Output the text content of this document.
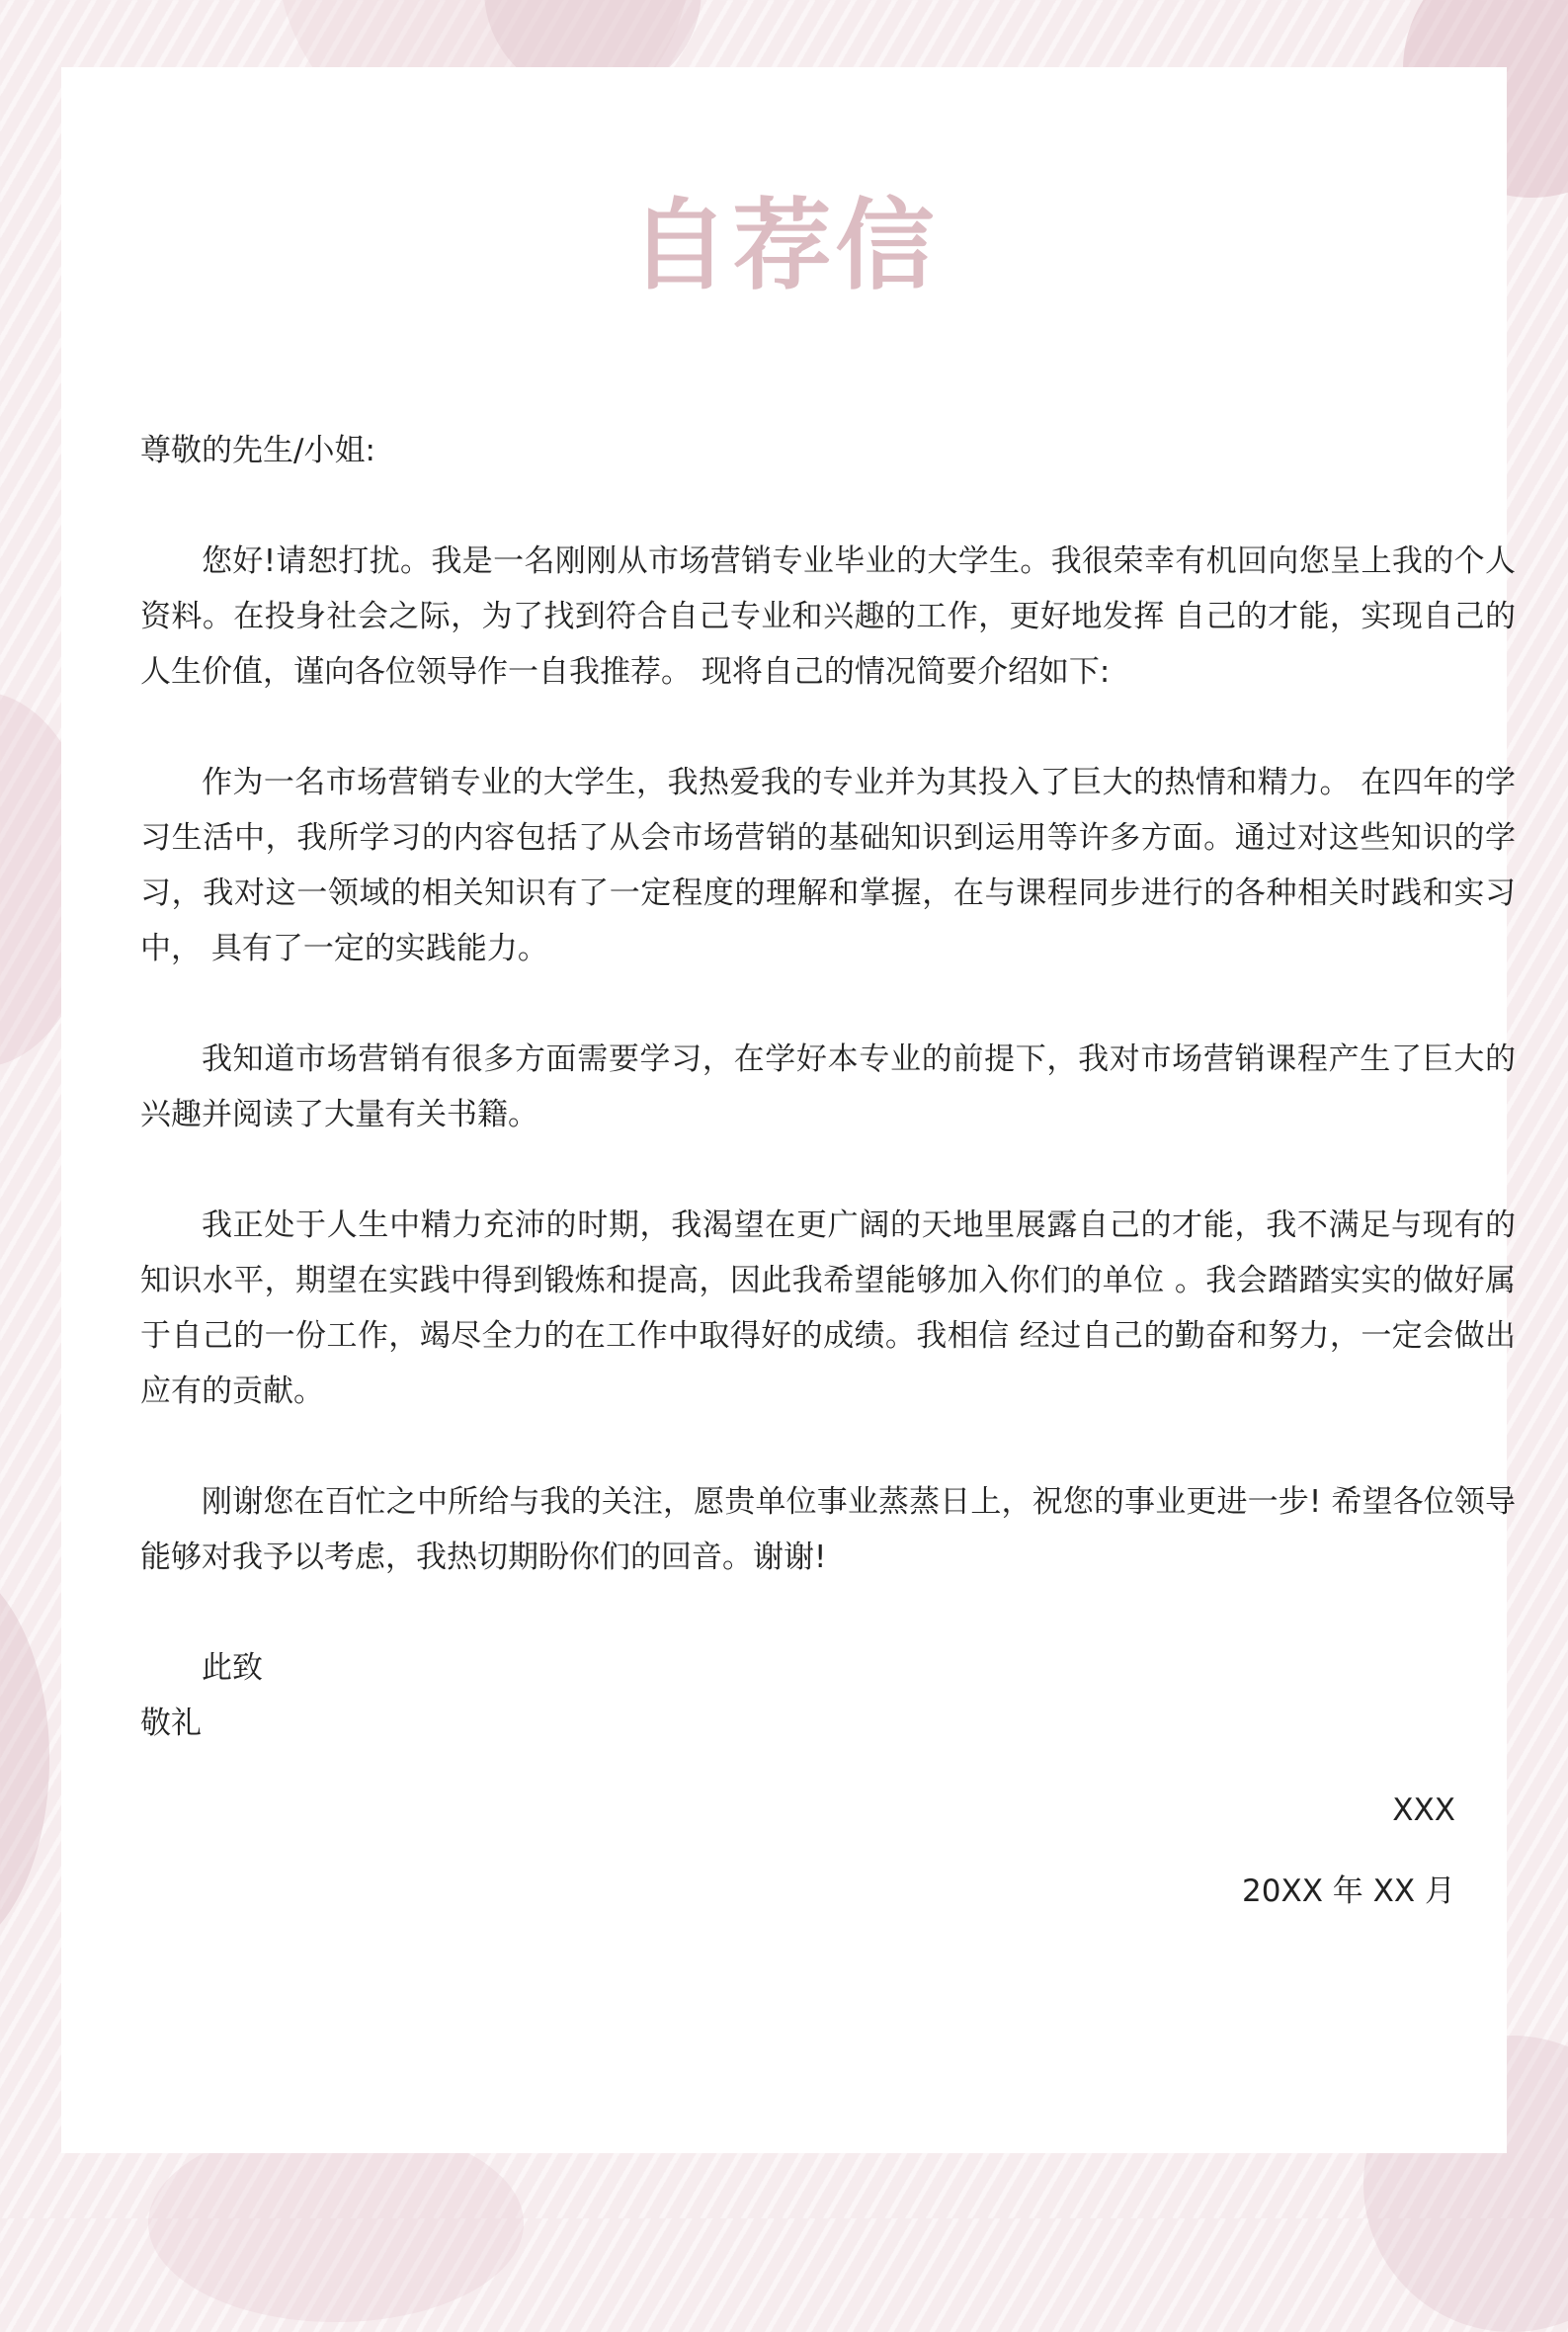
自荐信

尊敬的先生/小姐:

您好!请恕打扰。我是一名刚刚从市场营销专业毕业的大学生。我很荣幸有机回向您呈上我的个人资料。在投身社会之际，为了找到符合自己专业和兴趣的工作，更好地发挥 自己的才能，实现自己的人生价值，谨向各位领导作一自我推荐。 现将自己的情况简要介绍如下:

作为一名市场营销专业的大学生，我热爱我的专业并为其投入了巨大的热情和精力。 在四年的学习生活中，我所学习的内容包括了从会市场营销的基础知识到运用等许多方面。通过对这些知识的学习，我对这一领域的相关知识有了一定程度的理解和掌握，在与课程同步进行的各种相关时践和实习中， 具有了一定的实践能力。

我知道市场营销有很多方面需要学习，在学好本专业的前提下，我对市场营销课程产生了巨大的兴趣并阅读了大量有关书籍。

我正处于人生中精力充沛的时期，我渴望在更广阔的天地里展露自己的才能，我不满足与现有的知识水平，期望在实践中得到锻炼和提高，因此我希望能够加入你们的单位 。我会踏踏实实的做好属于自己的一份工作，竭尽全力的在工作中取得好的成绩。我相信 经过自己的勤奋和努力，一定会做出应有的贡献。

刚谢您在百忙之中所给与我的关注，愿贵单位事业蒸蒸日上，祝您的事业更进一步! 希望各位领导能够对我予以考虑，我热切期盼你们的回音。谢谢!

此致

敬礼

XXX
20XX 年 XX 月
